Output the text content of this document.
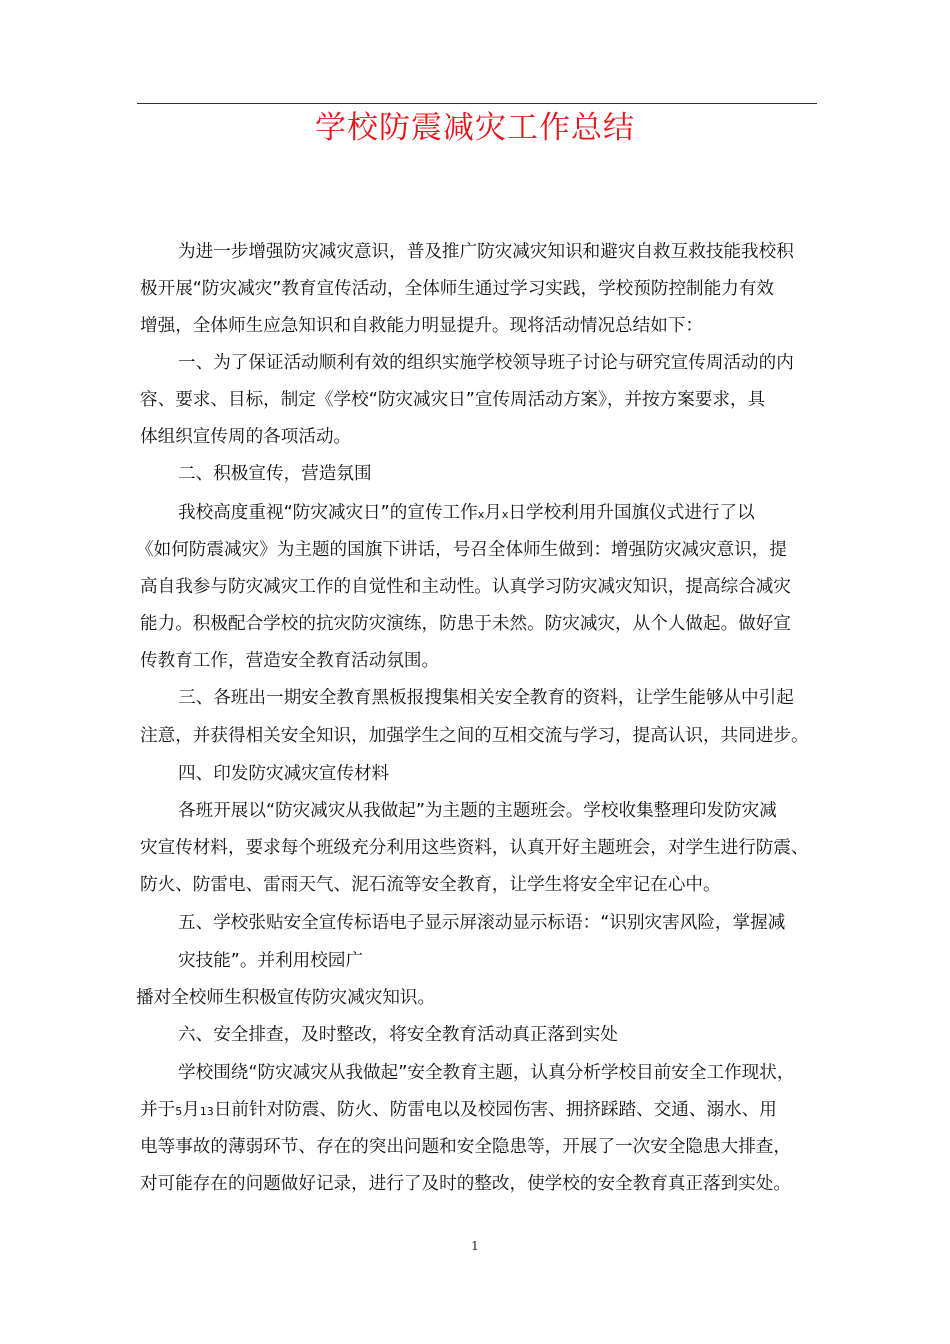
学校防震减灾工作总结
为进一步增强防灾减灾意识，普及推广防灾减灾知识和避灾自救互救技能我校积
极开展“防灾减灾”教育宣传活动，全体师生通过学习实践，学校预防控制能力有效
增强，全体师生应急知识和自救能力明显提升。现将活动情况总结如下：
一、为了保证活动顺利有效的组织实施学校领导班子讨论与研究宣传周活动的内
容、要求、目标，制定《学校“防灾减灾日”宣传周活动方案》，并按方案要求，具
体组织宣传周的各项活动。
二、积极宣传，营造氛围
我校高度重视“防灾减灾日”的宣传工作x月x日学校利用升国旗仪式进行了以
《如何防震减灾》为主题的国旗下讲话，号召全体师生做到：增强防灾减灾意识，提
高自我参与防灾减灾工作的自觉性和主动性。认真学习防灾减灾知识，提高综合减灾
能力。积极配合学校的抗灾防灾演练，防患于未然。防灾减灾，从个人做起。做好宣
传教育工作，营造安全教育活动氛围。
三、各班出一期安全教育黑板报搜集相关安全教育的资料，让学生能够从中引起
注意，并获得相关安全知识，加强学生之间的互相交流与学习，提高认识，共同进步。
四、印发防灾减灾宣传材料
各班开展以“防灾减灾从我做起”为主题的主题班会。学校收集整理印发防灾减
灾宣传材料，要求每个班级充分利用这些资料，认真开好主题班会，对学生进行防震、
防火、防雷电、雷雨天气、泥石流等安全教育，让学生将安全牢记在心中。
五、学校张贴安全宣传标语电子显示屏滚动显示标语：“识别灾害风险，掌握减
灾技能”。并利用校园广
播对全校师生积极宣传防灾减灾知识。
六、安全排查，及时整改，将安全教育活动真正落到实处
学校围绕“防灾减灾从我做起”安全教育主题，认真分析学校目前安全工作现状，
并于5月13日前针对防震、防火、防雷电以及校园伤害、拥挤踩踏、交通、溺水、用
电等事故的薄弱环节、存在的突出问题和安全隐患等，开展了一次安全隐患大排查，
对可能存在的问题做好记录，进行了及时的整改，使学校的安全教育真正落到实处。
1
